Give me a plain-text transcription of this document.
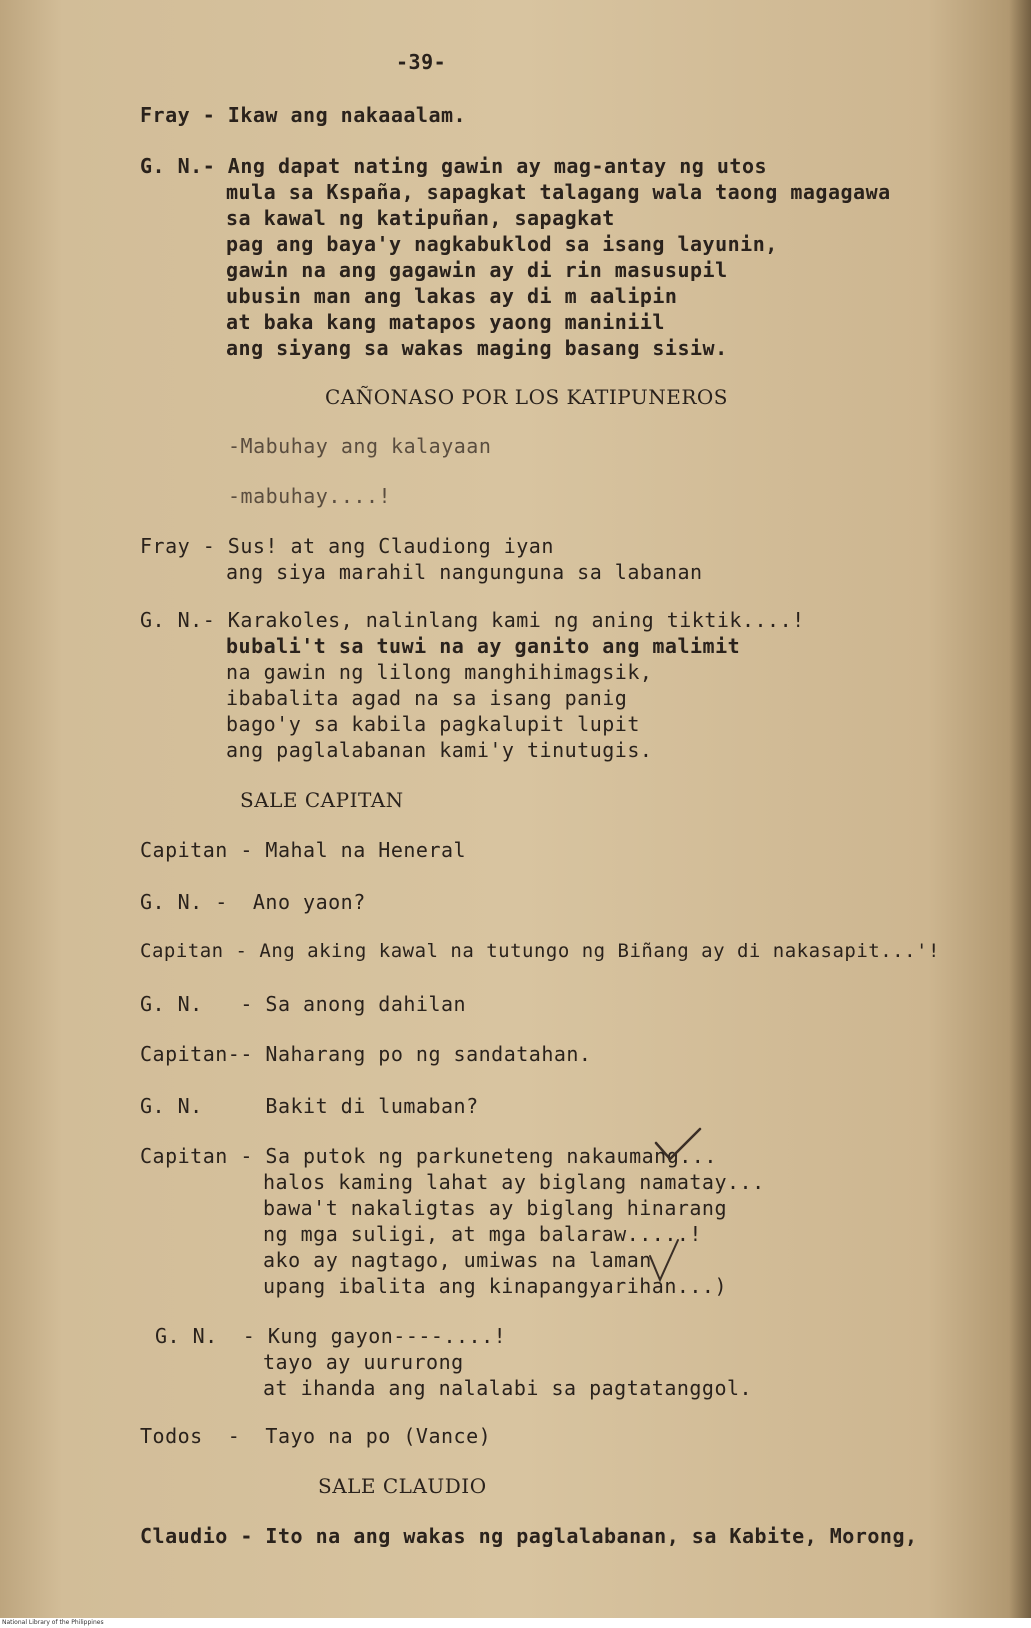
-39-
Fray - Ikaw ang nakaaalam.
G. N.- Ang dapat nating gawin ay mag-antay ng utos
mula sa Kspaña, sapagkat talagang wala taong magagawa
sa kawal ng katipuñan, sapagkat
pag ang baya'y nagkabuklod sa isang layunin,
gawin na ang gagawin ay di rin masusupil
ubusin man ang lakas ay di m aalipin
at baka kang matapos yaong maniniil
ang siyang sa wakas maging basang sisiw.
CAÑONASO POR LOS KATIPUNEROS
-Mabuhay ang kalayaan
-mabuhay....!
Fray - Sus! at ang Claudiong iyan
ang siya marahil nangunguna sa labanan
G. N.- Karakoles, nalinlang kami ng aning tiktik....!
bubali't sa tuwi na ay ganito ang malimit
na gawin ng lilong manghihimagsik,
ibabalita agad na sa isang panig
bago'y sa kabila pagkalupit lupit
ang paglalabanan kami'y tinutugis.
SALE CAPITAN
Capitan - Mahal na Heneral
G. N. -  Ano yaon?
Capitan - Ang aking kawal na tutungo ng Biñang ay di nakasapit...'!
G. N.   - Sa anong dahilan
Capitan-- Naharang po ng sandatahan.
G. N.     Bakit di lumaban?
Capitan - Sa putok ng parkuneteng nakaumang...
halos kaming lahat ay biglang namatay...
bawa't nakaligtas ay biglang hinarang
ng mga suligi, at mga balaraw.....!
ako ay nagtago, umiwas na laman
upang ibalita ang kinapangyarihan...)
G. N.  - Kung gayon----....!
tayo ay uururong
at ihanda ang nalalabi sa pagtatanggol.
Todos  -  Tayo na po (Vance)
SALE CLAUDIO
Claudio - Ito na ang wakas ng paglalabanan, sa Kabite, Morong,
National Library of the Philippines
